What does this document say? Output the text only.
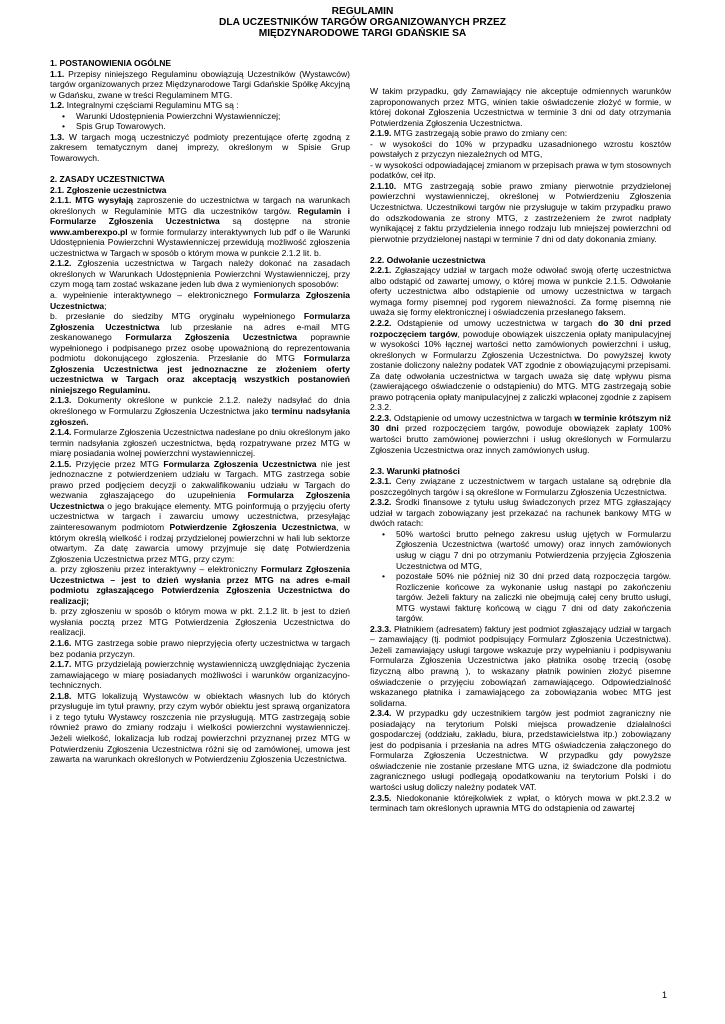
REGULAMIN
DLA UCZESTNIKÓW TARGÓW ORGANIZOWANYCH PRZEZ
MIĘDZYNARODOWE TARGI GDAŃSKIE SA

1. POSTANOWIENIA OGÓLNE

1.1. Przepisy niniejszego Regulaminu obowiązują Uczestników (Wystawców) targów organizowanych przez Międzynarodowe Targi Gdańskie Spółkę Akcyjną w Gdańsku, zwane w treści Regulaminem MTG.

1.2. Integralnymi częściami Regulaminu MTG są :

• Warunki Udostępnienia Powierzchni Wystawienniczej;
• Spis Grup Towarowych.

1.3. W targach mogą uczestniczyć podmioty prezentujące ofertę zgodną z zakresem tematycznym danej imprezy, określonym w Spisie Grup Towarowych.

2. ZASADY UCZESTNICTWA

2.1. Zgłoszenie uczestnictwa

2.1.1. MTG wysyłają zaproszenie do uczestnictwa w targach na warunkach określonych w Regulaminie MTG dla uczestników targów. Regulamin i Formularze Zgłoszenia Uczestnictwa są dostępne na stronie www.amberexpo.pl w formie formularzy interaktywnych lub pdf o ile Warunki Udostępnienia Powierzchni Wystawienniczej przewidują możliwość zgłoszenia uczestnictwa w Targach w sposób o którym mowa w punkcie 2.1.2 lit. b.

2.1.2. Zgłoszenia uczestnictwa w Targach należy dokonać na zasadach określonych w Warunkach Udostępnienia Powierzchni Wystawienniczej, przy czym mogą tam zostać wskazane jeden lub dwa z wymienionych sposobów:

a. wypełnienie interaktywnego – elektronicznego Formularza Zgłoszenia Uczestnictwa;

b. przesłanie do siedziby MTG oryginału wypełnionego Formularza Zgłoszenia Uczestnictwa lub przesłanie na adres e-mail MTG zeskanowanego Formularza Zgłoszenia Uczestnictwa poprawnie wypełnionego i podpisanego przez osobę upoważnioną do reprezentowania podmiotu dokonującego zgłoszenia. Przesłanie do MTG Formularza Zgłoszenia Uczestnictwa jest jednoznaczne ze złożeniem oferty uczestnictwa w Targach oraz akceptacją wszystkich postanowień niniejszego Regulaminu.

2.1.3. Dokumenty określone w punkcie 2.1.2. należy nadsyłać do dnia określonego w Formularzu Zgłoszenia Uczestnictwa jako terminu nadsyłania zgłoszeń.

2.1.4. Formularze Zgłoszenia Uczestnictwa nadesłane po dniu określonym jako termin nadsyłania zgłoszeń uczestnictwa, będą rozpatrywane przez MTG w miarę posiadania wolnej powierzchni wystawienniczej.

2.1.5. Przyjęcie przez MTG Formularza Zgłoszenia Uczestnictwa nie jest jednoznaczne z potwierdzeniem udziału w Targach. MTG zastrzega sobie prawo przed podjęciem decyzji o zakwalifikowaniu udziału w Targach do wezwania zgłaszającego do uzupełnienia Formularza Zgłoszenia Uczestnictwa o jego brakujące elementy. MTG poinformują o przyjęciu oferty uczestnictwa w targach i zawarciu umowy uczestnictwa, przesyłając zainteresowanym podmiotom Potwierdzenie Zgłoszenia Uczestnictwa, w którym określą wielkość i rodzaj przydzielonej powierzchni w hali lub sektorze otwartym. Za datę zawarcia umowy przyjmuje się datę Potwierdzenia Zgłoszenia Uczestnictwa przez MTG, przy czym:

a. przy zgłoszeniu przez interaktywny – elektroniczny Formularz Zgłoszenia Uczestnictwa – jest to dzień wysłania przez MTG na adres e-mail podmiotu zgłaszającego Potwierdzenia Zgłoszenia Uczestnictwa do realizacji;

b. przy zgłoszeniu w sposób o którym mowa w pkt. 2.1.2 lit. b jest to dzień wysłania pocztą przez MTG Potwierdzenia Zgłoszenia Uczestnictwa do realizacji.

2.1.6. MTG zastrzega sobie prawo nieprzyjęcia oferty uczestnictwa w targach bez podania przyczyn.

2.1.7. MTG przydzielają powierzchnię wystawienniczą uwzględniając życzenia zamawiającego w miarę posiadanych możliwości i warunków organizacyjno-technicznych.

2.1.8. MTG lokalizują Wystawców w obiektach własnych lub do których przysługuje im tytuł prawny, przy czym wybór obiektu jest sprawą organizatora i z tego tytułu Wystawcy roszczenia nie przysługują. MTG zastrzegają sobie również prawo do zmiany rodzaju i wielkości powierzchni wystawienniczej. Jeżeli wielkość, lokalizacja lub rodzaj powierzchni przyznanej przez MTG w Potwierdzeniu Zgłoszenia Uczestnictwa różni się od zamówionej, umowa jest zawarta na warunkach określonych w Potwierdzeniu Zgłoszenia Uczestnictwa.

W takim przypadku, gdy Zamawiający nie akceptuje odmiennych warunków zaproponowanych przez MTG, winien takie oświadczenie złożyć w formie, w której dokonał Zgłoszenia Uczestnictwa w terminie 3 dni od daty otrzymania Potwierdzenia Zgłoszenia Uczestnictwa.

2.1.9. MTG zastrzegają sobie prawo do zmiany cen:

- w wysokości do 10% w przypadku uzasadnionego wzrostu kosztów powstałych z przyczyn niezależnych od MTG,

- w wysokości odpowiadającej zmianom w przepisach prawa w tym stosownych podatków, ceł itp.

2.1.10. MTG zastrzegają sobie prawo zmiany pierwotnie przydzielonej powierzchni wystawienniczej, określonej w Potwierdzeniu Zgłoszenia Uczestnictwa. Uczestnikowi targów nie przysługuje w takim przypadku prawo do odszkodowania ze strony MTG, z zastrzeżeniem że zwrot nadpłaty wynikającej z faktu przydzielenia innego rodzaju lub mniejszej powierzchni od pierwotnie przydzielonej nastąpi w terminie 7 dni od daty dokonania zmiany.

2.2. Odwołanie uczestnictwa

2.2.1. Zgłaszający udział w targach może odwołać swoją ofertę uczestnictwa albo odstąpić od zawartej umowy, o której mowa w punkcie 2.1.5. Odwołanie oferty uczestnictwa albo odstąpienie od umowy uczestnictwa w targach wymaga formy pisemnej pod rygorem nieważności. Za formę pisemną nie uważa się formy elektronicznej i oświadczenia przesłanego faksem.

2.2.2. Odstąpienie od umowy uczestnictwa w targach do 30 dni przed rozpoczęciem targów, powoduje obowiązek uiszczenia opłaty manipulacyjnej w wysokości 10% łącznej wartości netto zamówionych powierzchni i usług, określonych w Formularzu Zgłoszenia Uczestnictwa. Do powyższej kwoty zostanie doliczony należny podatek VAT zgodnie z obowiązującymi przepisami. Za datę odwołania uczestnictwa w targach uważa się datę wpływu pisma (zawierającego oświadczenie o odstąpieniu) do MTG. MTG zastrzegają sobie prawo potrącenia opłaty manipulacyjnej z zaliczki wpłaconej zgodnie z zapisem 2.3.2.

2.2.3. Odstąpienie od umowy uczestnictwa w targach w terminie krótszym niż 30 dni przed rozpoczęciem targów, powoduje obowiązek zapłaty 100% wartości brutto zamówionej powierzchni i usług określonych w Formularzu Zgłoszenia Uczestnictwa oraz innych zamówionych usług.

2.3. Warunki płatności

2.3.1. Ceny związane z uczestnictwem w targach ustalane są odrębnie dla poszczególnych targów i są określone w Formularzu Zgłoszenia Uczestnictwa.

2.3.2. Środki finansowe z tytułu usług świadczonych przez MTG zgłaszający udział w targach zobowiązany jest przekazać na rachunek bankowy MTG w dwóch ratach:

• 50% wartości brutto pełnego zakresu usług ujętych w Formularzu Zgłoszenia Uczestnictwa (wartość umowy) oraz innych zamówionych usług w ciągu 7 dni po otrzymaniu Potwierdzenia przyjęcia Zgłoszenia Uczestnictwa od MTG,
• pozostałe 50% nie później niż 30 dni przed datą rozpoczęcia targów. Rozliczenie końcowe za wykonanie usług nastąpi po zakończeniu targów. Jeżeli faktury na zaliczki nie obejmują całej ceny brutto usługi, MTG wystawi fakturę końcową w ciągu 7 dni od daty zakończenia targów.

2.3.3. Płatnikiem (adresatem) faktury jest podmiot zgłaszający udział w targach – zamawiający (tj. podmiot podpisujący Formularz Zgłoszenia Uczestnictwa). Jeżeli zamawiający usługi targowe wskazuje przy wypełnianiu i podpisywaniu Formularza Zgłoszenia Uczestnictwa jako płatnika osobę trzecią (osobę fizyczną albo prawną ), to wskazany płatnik powinien złożyć pisemne oświadczenie o przyjęciu zobowiązań zamawiającego. Odpowiedzialność wskazanego płatnika i zamawiającego za zobowiązania wobec MTG jest solidarna.

2.3.4. W przypadku gdy uczestnikiem targów jest podmiot zagraniczny nie posiadający na terytorium Polski miejsca prowadzenie działalności gospodarczej (oddziału, zakładu, biura, przedstawicielstwa itp.) zobowiązany jest do podpisania i przesłania na adres MTG oświadczenia załączonego do Formularza Zgłoszenia Uczestnictwa. W przypadku gdy powyższe oświadczenie nie zostanie przesłane MTG uzna, iż świadczone dla podmiotu zagranicznego usługi podlegają opodatkowaniu na terytorium Polski i do wartości usług doliczy należny podatek VAT.

2.3.5. Niedokonanie którejkolwiek z wpłat, o których mowa w pkt.2.3.2 w terminach tam określonych uprawnia MTG do odstąpienia od zawartej

1
